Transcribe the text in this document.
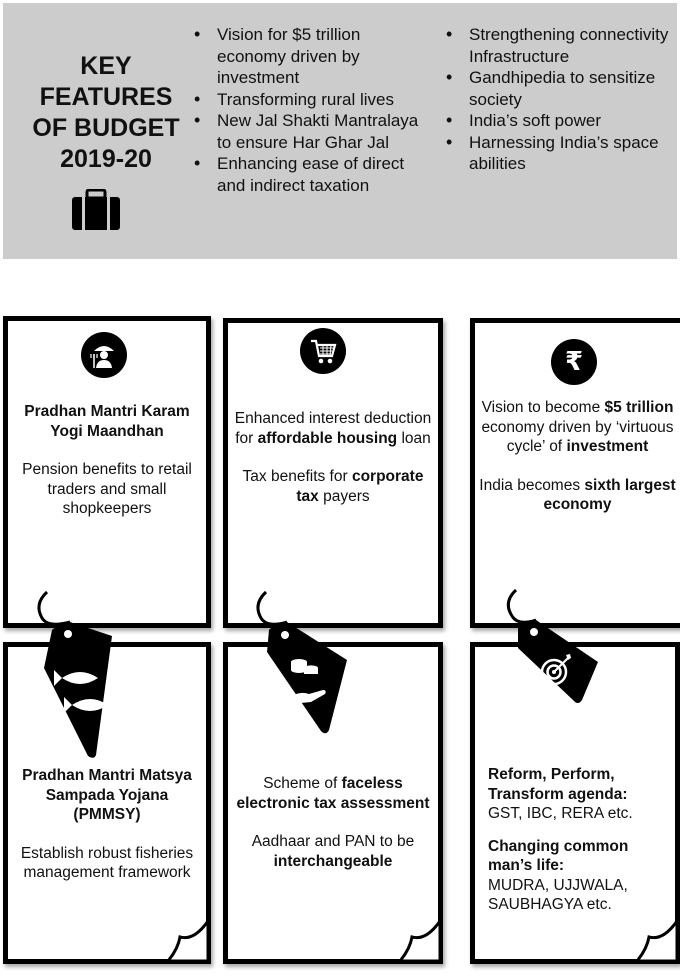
KEY
FEATURES
OF BUDGET
2019-20
• Vision for $5 trillion economy driven by investment
• Transforming rural lives
• New Jal Shakti Mantralaya to ensure Har Ghar Jal
• Enhancing ease of direct and indirect taxation
• Strengthening connectivity Infrastructure
• Gandhipedia to sensitize society
• India’s soft power
• Harnessing India’s space abilities
Pradhan Mantri Karam Yogi Maandhan
Pension benefits to retail traders and small shopkeepers
Enhanced interest deduction for affordable housing loan
Tax benefits for corporate tax payers
₹
Vision to become $5 trillion economy driven by ‘virtuous cycle’ of investment
India becomes sixth largest economy
Pradhan Mantri Matsya Sampada Yojana (PMMSY)
Establish robust fisheries management framework
Scheme of faceless electronic tax assessment
Aadhaar and PAN to be interchangeable
Reform, Perform, Transform agenda:
GST, IBC, RERA etc.
Changing common man’s life:
MUDRA, UJJWALA, SAUBHAGYA etc.
